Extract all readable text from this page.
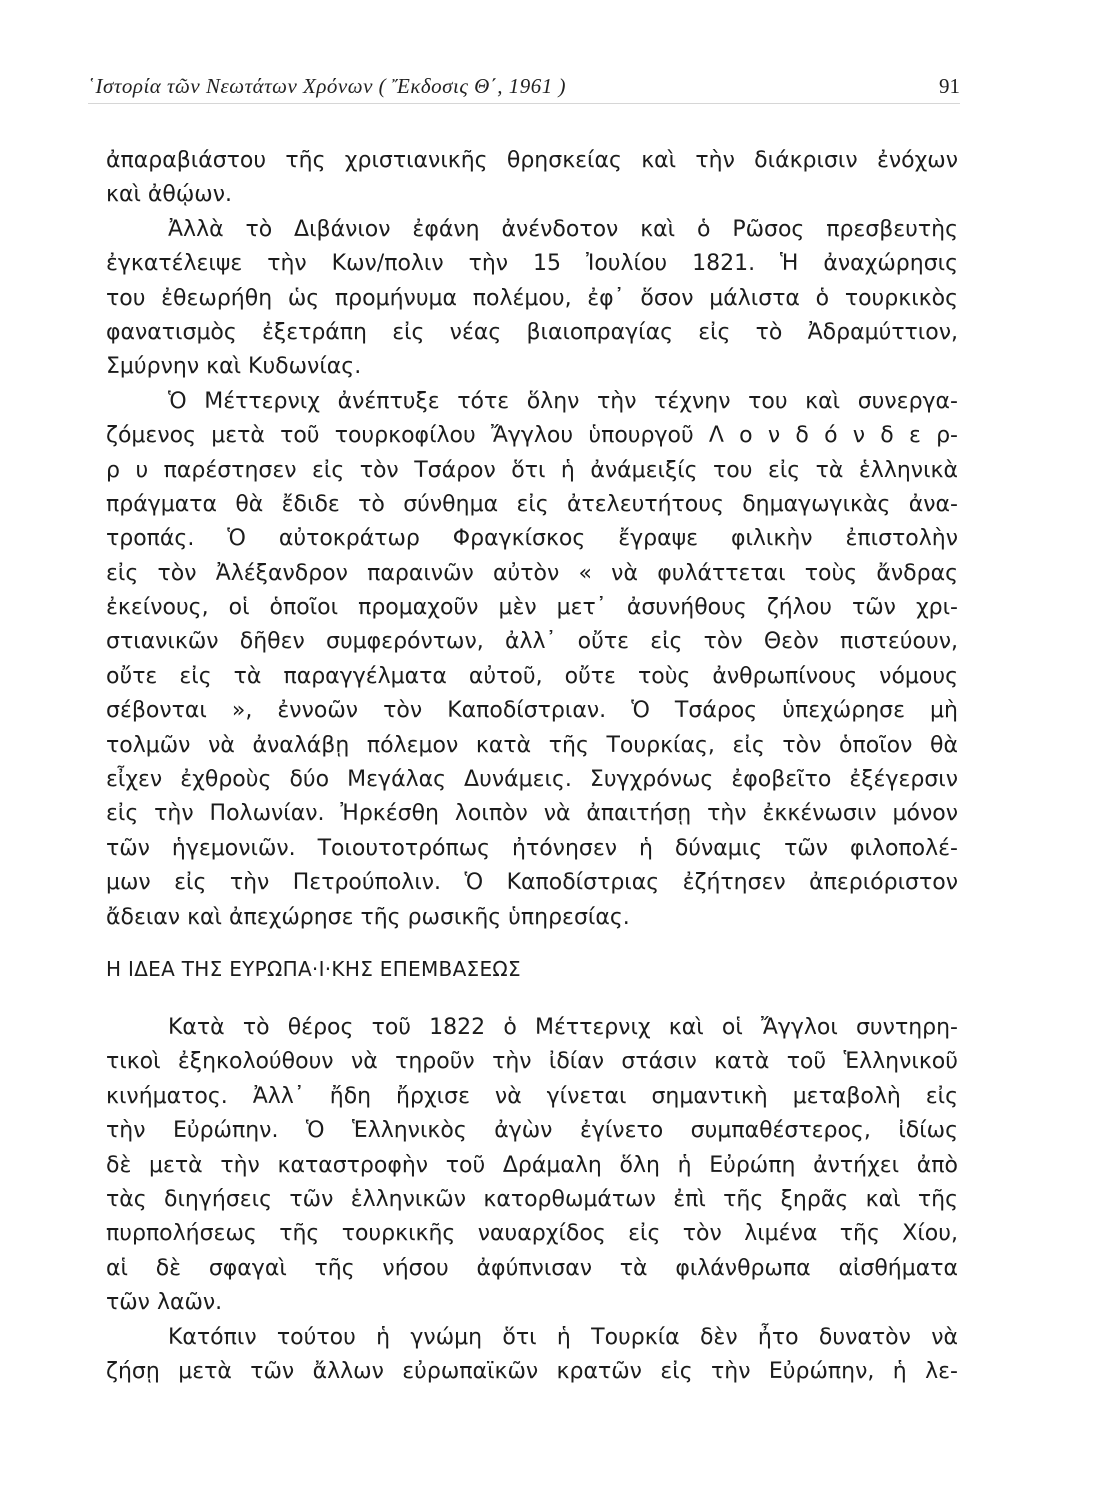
῾Ιστορία τῶν Νεωτάτων Χρόνων ( Ἔκδοσις Θ΄, 1961 )	91
ἀπαραβιάστου τῆς χριστιανικῆς θρησκείας καὶ τὴν διάκρισιν ἐνόχων
καὶ ἀθῴων.
Ἀλλὰ τὸ Διβάνιον ἐφάνη ἀνένδοτον καὶ ὁ Ρῶσος πρεσβευτὴς
ἐγκατέλειψε τὴν Κων/πολιν τὴν 15 Ἰουλίου 1821. Ἡ ἀναχώρησις
του ἐθεωρήθη ὡς προμήνυμα πολέμου, ἐφ᾽ ὅσον μάλιστα ὁ τουρκικὸς
φανατισμὸς ἐξετράπη εἰς νέας βιαιοπραγίας εἰς τὸ Ἀδραμύττιον,
Σμύρνην καὶ Κυδωνίας.
Ὁ Μέττερνιχ ἀνέπτυξε τότε ὅλην τὴν τέχνην του καὶ συνεργα-
ζόμενος μετὰ τοῦ τουρκοφίλου Ἄγγλου ὑπουργοῦ Λ ο ν δ ό ν δ ε ρ-
ρ υ παρέστησεν εἰς τὸν Τσάρον ὅτι ἡ ἀνάμειξίς του εἰς τὰ ἑλληνικὰ
πράγματα θὰ ἔδιδε τὸ σύνθημα εἰς ἀτελευτήτους δημαγωγικὰς ἀνα-
τροπάς. Ὁ αὐτοκράτωρ Φραγκίσκος ἔγραψε φιλικὴν ἐπιστολὴν
εἰς τὸν Ἀλέξανδρον παραινῶν αὐτὸν « νὰ φυλάττεται τοὺς ἄνδρας
ἐκείνους, οἱ ὁποῖοι προμαχοῦν μὲν μετ᾽ ἀσυνήθους ζήλου τῶν χρι-
στιανικῶν δῆθεν συμφερόντων, ἀλλ᾽ οὔτε εἰς τὸν Θεὸν πιστεύουν,
οὔτε εἰς τὰ παραγγέλματα αὐτοῦ, οὔτε τοὺς ἀνθρωπίνους νόμους
σέβονται », ἐννοῶν τὸν Καποδίστριαν. Ὁ Τσάρος ὑπεχώρησε μὴ
τολμῶν νὰ ἀναλάβῃ πόλεμον κατὰ τῆς Τουρκίας, εἰς τὸν ὁποῖον θὰ
εἶχεν ἐχθροὺς δύο Μεγάλας Δυνάμεις. Συγχρόνως ἐφοβεῖτο ἐξέγερσιν
εἰς τὴν Πολωνίαν. Ἠρκέσθη λοιπὸν νὰ ἀπαιτήσῃ τὴν ἐκκένωσιν μόνον
τῶν ἡγεμονιῶν. Τοιουτοτρόπως ἠτόνησεν ἡ δύναμις τῶν φιλοπολέ-
μων εἰς τὴν Πετρούπολιν. Ὁ Καποδίστριας ἐζήτησεν ἀπεριόριστον
ἄδειαν καὶ ἀπεχώρησε τῆς ρωσικῆς ὑπηρεσίας.
Η ΙΔΕΑ ΤΗΣ ΕΥΡΩΠΑ·Ι·ΚΗΣ ΕΠΕΜΒΑΣΕΩΣ
Κατὰ τὸ θέρος τοῦ 1822 ὁ Μέττερνιχ καὶ οἱ Ἄγγλοι συντηρη-
τικοὶ ἐξηκολούθουν νὰ τηροῦν τὴν ἰδίαν στάσιν κατὰ τοῦ Ἑλληνικοῦ
κινήματος. Ἀλλ᾽ ἤδη ἤρχισε νὰ γίνεται σημαντικὴ μεταβολὴ εἰς
τὴν Εὐρώπην. Ὁ Ἑλληνικὸς ἀγὼν ἐγίνετο συμπαθέστερος, ἰδίως
δὲ μετὰ τὴν καταστροφὴν τοῦ Δράμαλη ὅλη ἡ Εὐρώπη ἀντήχει ἀπὸ
τὰς διηγήσεις τῶν ἑλληνικῶν κατορθωμάτων ἐπὶ τῆς ξηρᾶς καὶ τῆς
πυρπολήσεως τῆς τουρκικῆς ναυαρχίδος εἰς τὸν λιμένα τῆς Χίου,
αἱ δὲ σφαγαὶ τῆς νήσου ἀφύπνισαν τὰ φιλάνθρωπα αἰσθήματα
τῶν λαῶν.
Κατόπιν τούτου ἡ γνώμη ὅτι ἡ Τουρκία δὲν ἦτο δυνατὸν νὰ
ζήσῃ μετὰ τῶν ἄλλων εὐρωπαϊκῶν κρατῶν εἰς τὴν Εὐρώπην, ἡ λε-
